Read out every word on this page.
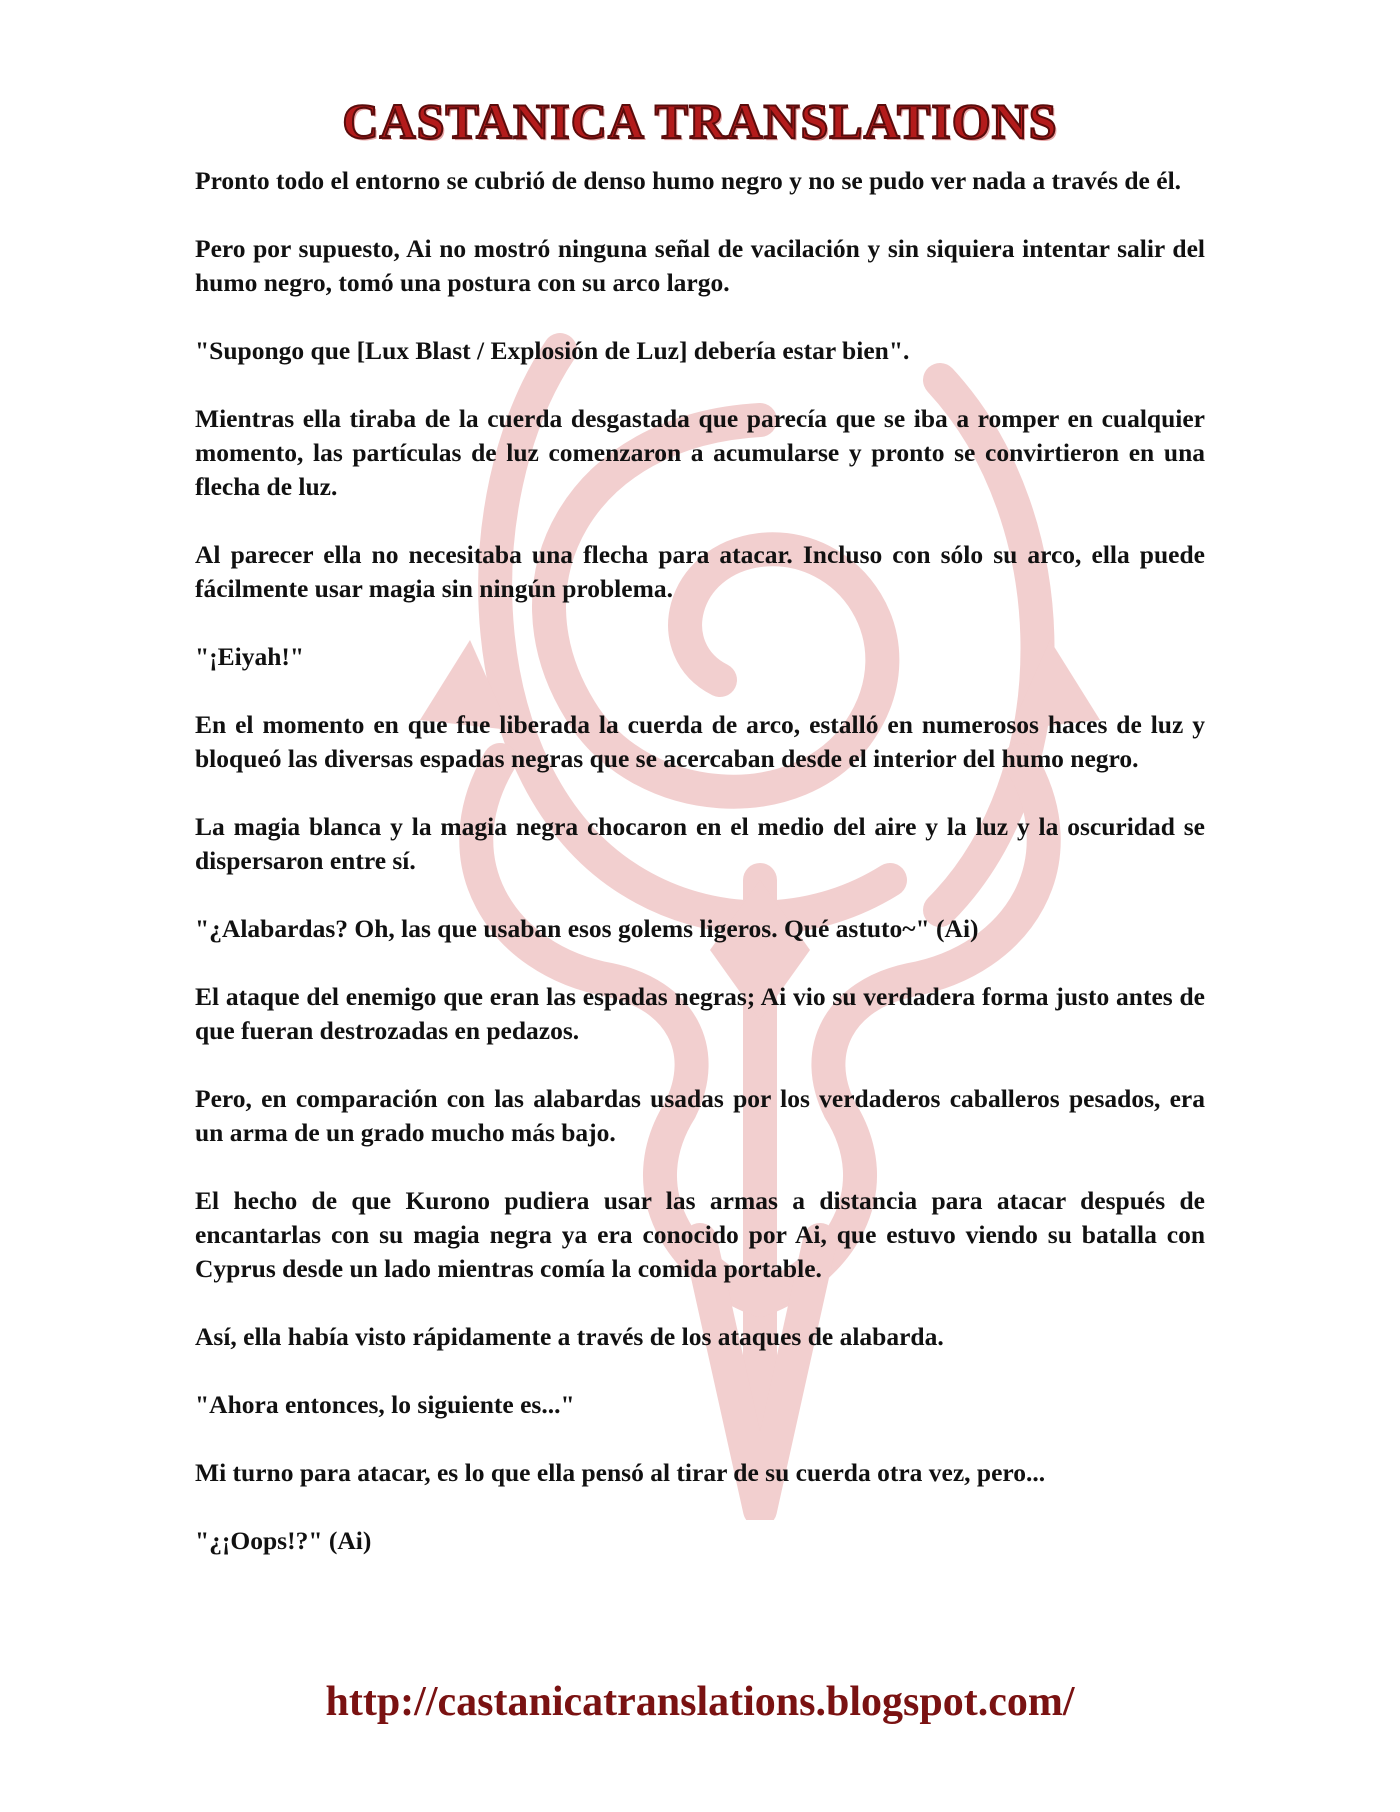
CASTANICA TRANSLATIONS

Pronto todo el entorno se cubrió de denso humo negro y no se pudo ver nada a través de él.

Pero por supuesto, Ai no mostró ninguna señal de vacilación y sin siquiera intentar salir del humo negro, tomó una postura con su arco largo.

"Supongo que [Lux Blast / Explosión de Luz] debería estar bien".

Mientras ella tiraba de la cuerda desgastada que parecía que se iba a romper en cualquier momento, las partículas de luz comenzaron a acumularse y pronto se convirtieron en una flecha de luz.

Al parecer ella no necesitaba una flecha para atacar. Incluso con sólo su arco, ella puede fácilmente usar magia sin ningún problema.

"¡Eiyah!"

En el momento en que fue liberada la cuerda de arco, estalló en numerosos haces de luz y bloqueó las diversas espadas negras que se acercaban desde el interior del humo negro.

La magia blanca y la magia negra chocaron en el medio del aire y la luz y la oscuridad se dispersaron entre sí.

"¿Alabardas? Oh, las que usaban esos golems ligeros. Qué astuto~" (Ai)

El ataque del enemigo que eran las espadas negras; Ai vio su verdadera forma justo antes de que fueran destrozadas en pedazos.

Pero, en comparación con las alabardas usadas por los verdaderos caballeros pesados, era un arma de un grado mucho más bajo.

El hecho de que Kurono pudiera usar las armas a distancia para atacar después de encantarlas con su magia negra ya era conocido por Ai, que estuvo viendo su batalla con Cyprus desde un lado mientras comía la comida portable.

Así, ella había visto rápidamente a través de los ataques de alabarda.

"Ahora entonces, lo siguiente es..."

Mi turno para atacar, es lo que ella pensó al tirar de su cuerda otra vez, pero...

"¿¡Oops!?" (Ai)

http://castanicatranslations.blogspot.com/
